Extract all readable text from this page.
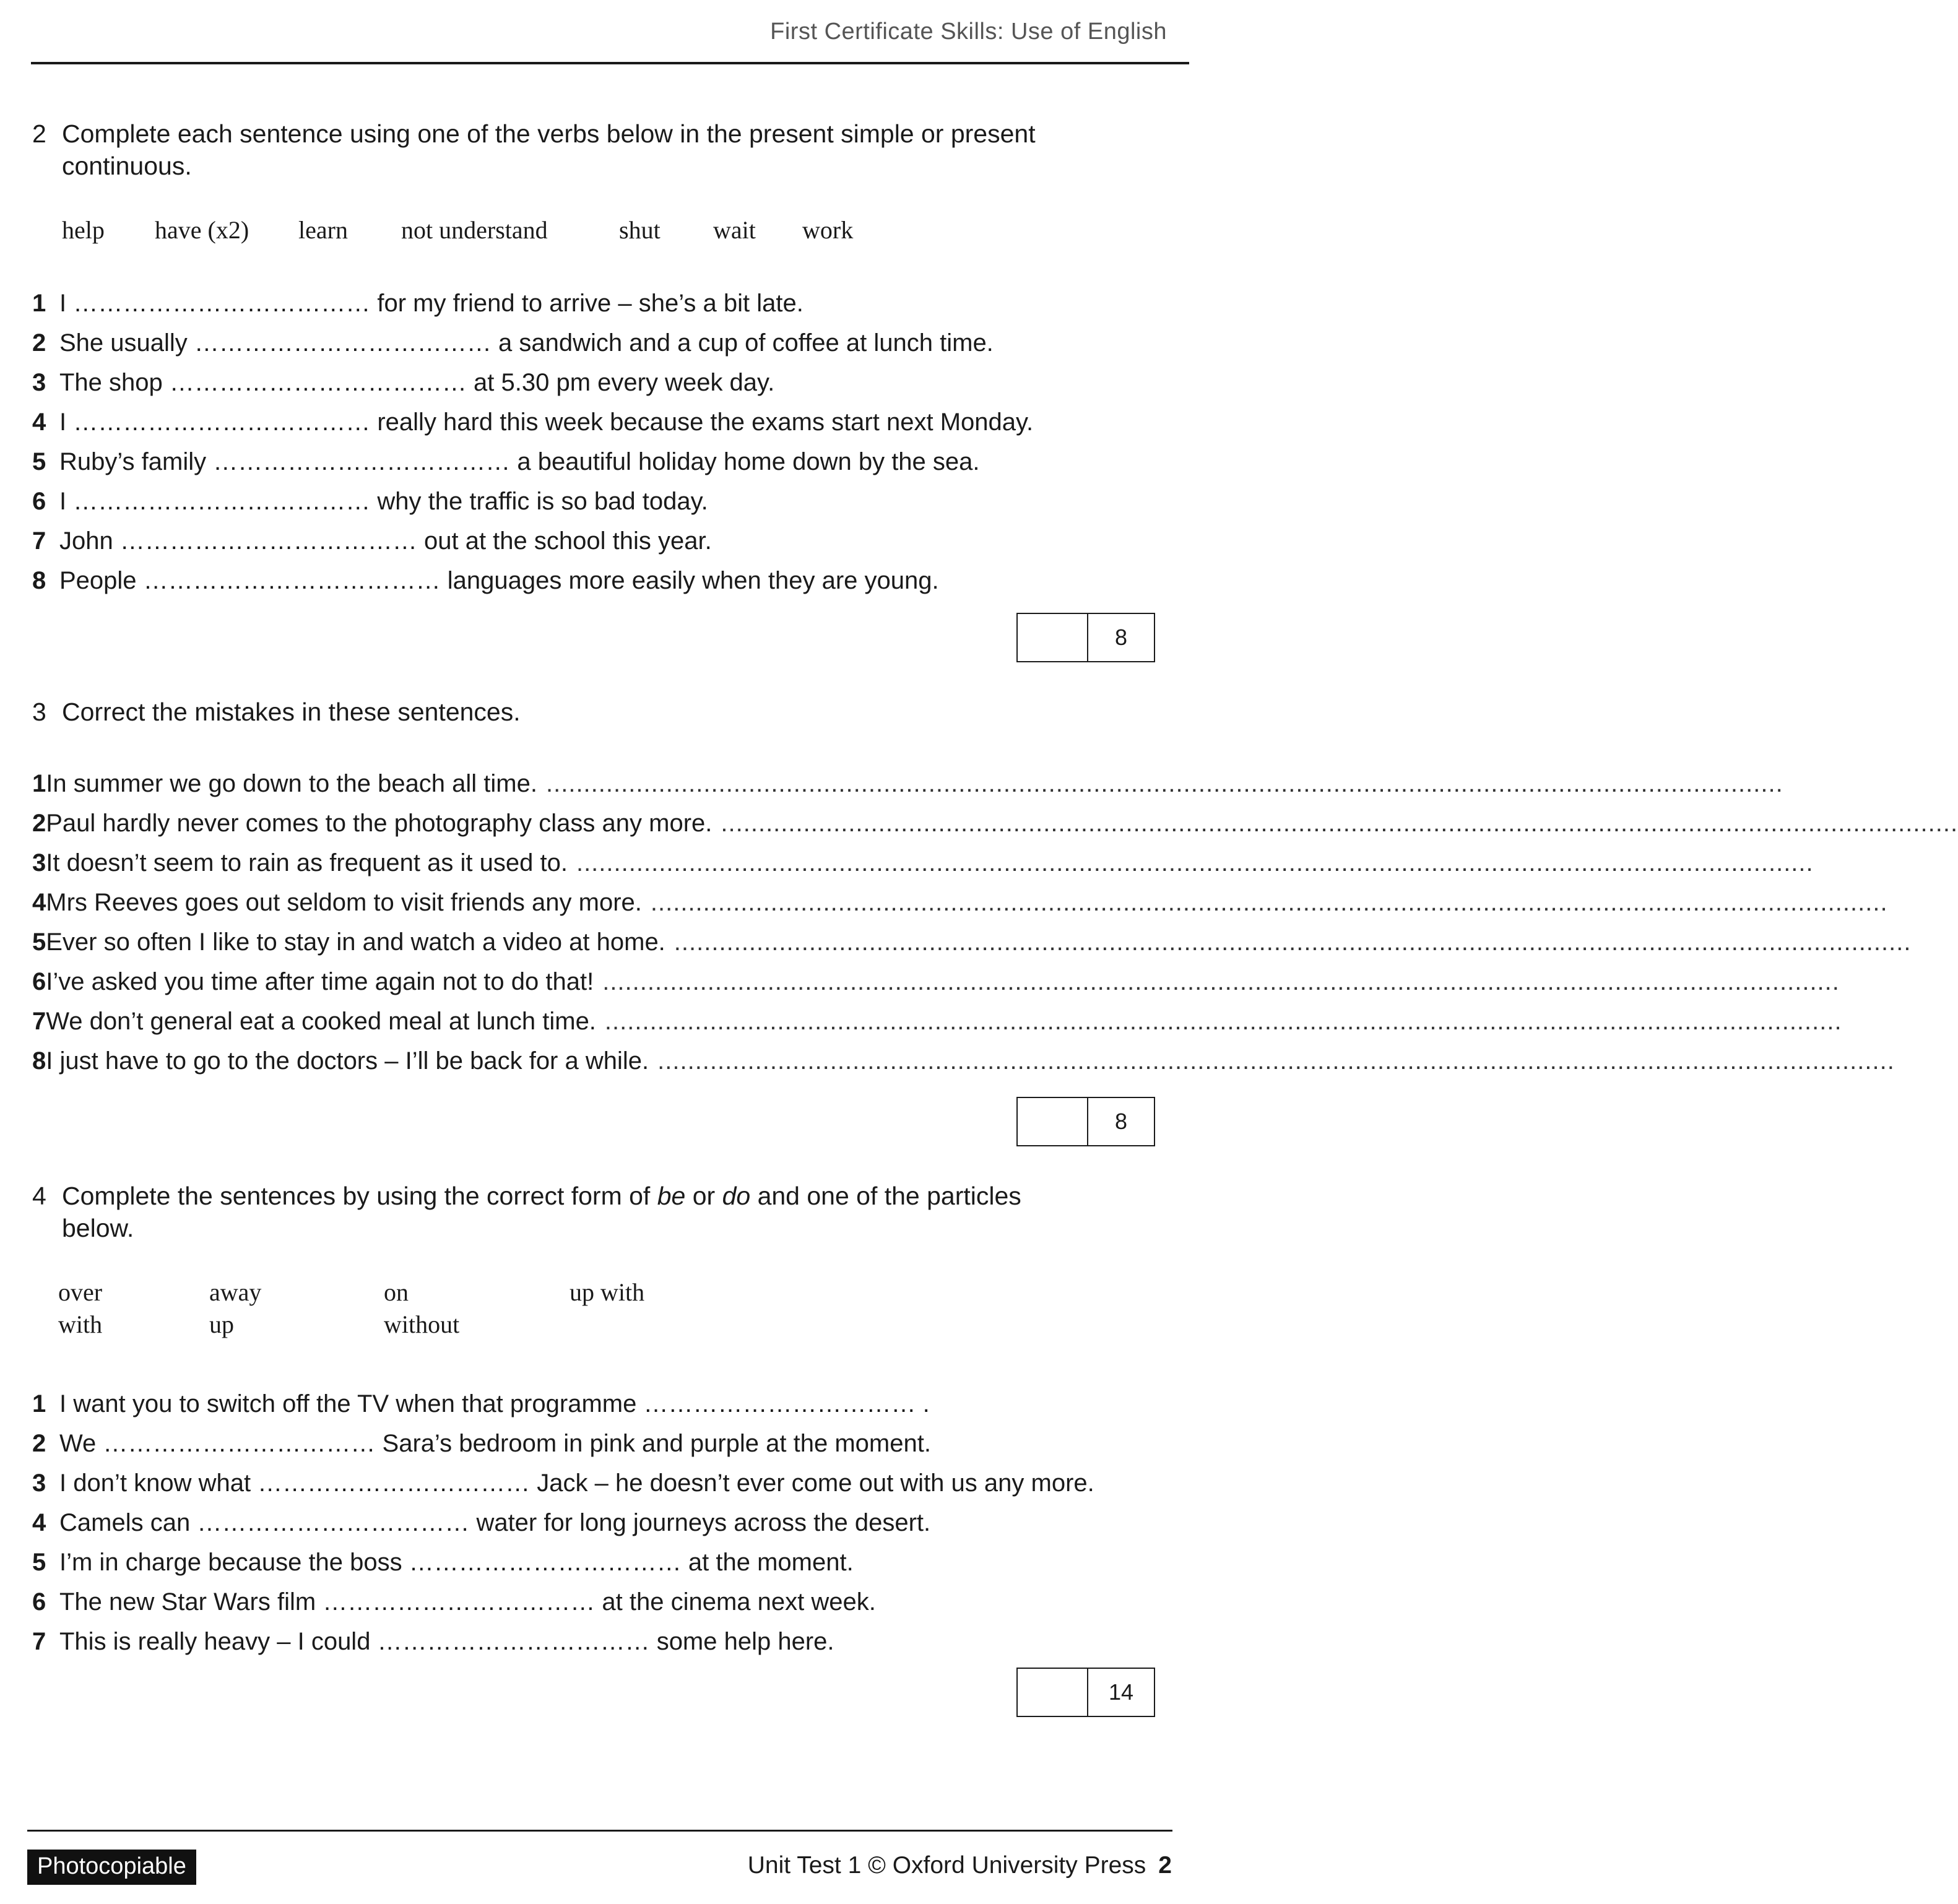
First Certificate Skills: Use of English
2 Complete each sentence using one of the verbs below in the present simple or present continuous.
help have (x2) learn not understand	shut wait work
1 I ……………………………… for my friend to arrive – she’s a bit late.
2 She usually ……………………………… a sandwich and a cup of coffee at lunch time.
3 The shop ……………………………… at 5.30 pm every week day.
4 I ……………………………… really hard this week because the exams start next Monday.
5 Ruby’s family ……………………………… a beautiful holiday home down by the sea.
6 I ……………………………… why the traffic is so bad today.
7 John ……………………………… out at the school this year.
8 People ……………………………… languages more easily when they are young.
8
3 Correct the mistakes in these sentences.
1 In summer we go down to the beach all time. .....................................................................................................................................................................
2 Paul hardly never comes to the photography class any more. .....................................................................................................................................................................
3 It doesn’t seem to rain as frequent as it used to. .....................................................................................................................................................................
4 Mrs Reeves goes out seldom to visit friends any more. .....................................................................................................................................................................
5 Ever so often I like to stay in and watch a video at home. .....................................................................................................................................................................
6 I’ve asked you time after time again not to do that! .....................................................................................................................................................................
7 We don’t general eat a cooked meal at lunch time. .....................................................................................................................................................................
8 I just have to go to the doctors – I’ll be back for a while. .....................................................................................................................................................................
8
4 Complete the sentences by using the correct form of be or do and one of the particles below.
over	away	on	up with
with	up	without
1 I want you to switch off the TV when that programme …………………………… .
2 We …………………………… Sara’s bedroom in pink and purple at the moment.
3 I don’t know what …………………………… Jack – he doesn’t ever come out with us any more.
4 Camels can …………………………… water for long journeys across the desert.
5 I’m in charge because the boss …………………………… at the moment.
6 The new Star Wars film …………………………… at the cinema next week.
7 This is really heavy – I could …………………………… some help here.
14
Photocopiable	Unit Test 1 © Oxford University Press 2
